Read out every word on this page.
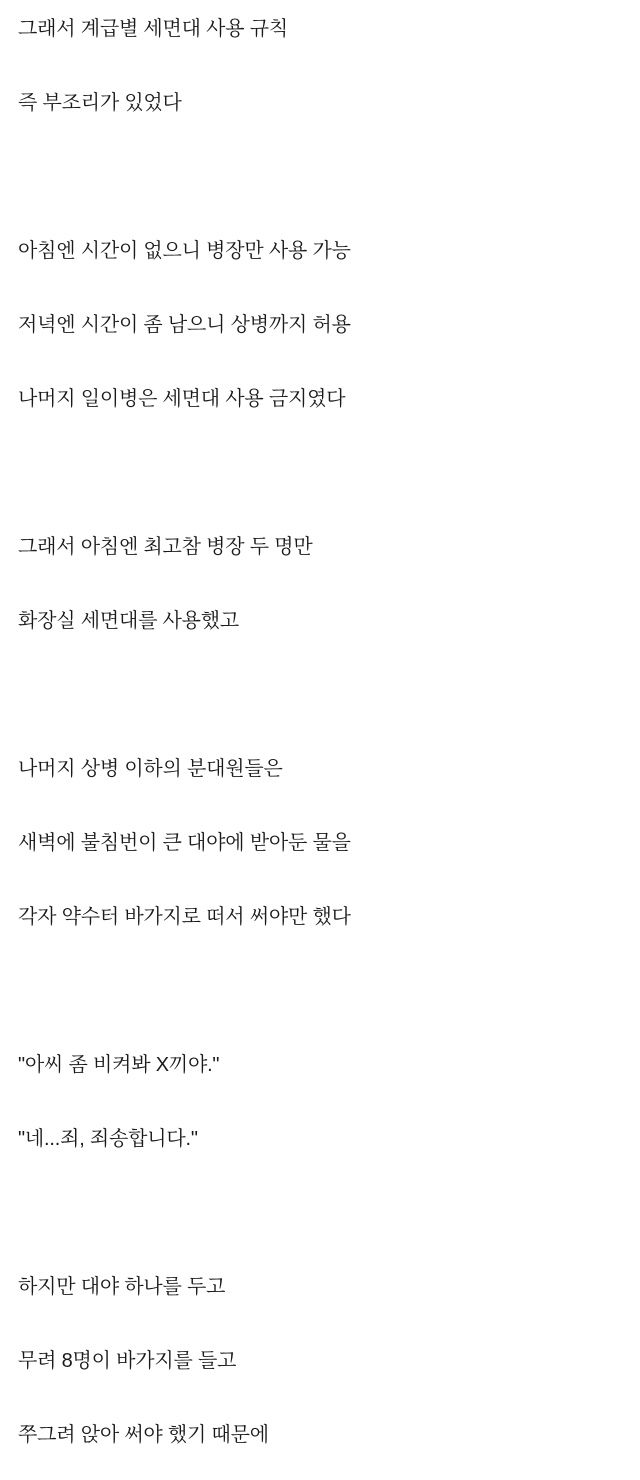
그래서 계급별 세면대 사용 규칙
즉 부조리가 있었다
아침엔 시간이 없으니 병장만 사용 가능
저녁엔 시간이 좀 남으니 상병까지 허용
나머지 일이병은 세면대 사용 금지였다
그래서 아침엔 최고참 병장 두 명만
화장실 세면대를 사용했고
나머지 상병 이하의 분대원들은
새벽에 불침번이 큰 대야에 받아둔 물을
각자 약수터 바가지로 떠서 써야만 했다
"아씨 좀 비켜봐 X끼야."
"네...죄, 죄송합니다."
하지만 대야 하나를 두고
무려 8명이 바가지를 들고
쭈그려 앉아 써야 했기 때문에
